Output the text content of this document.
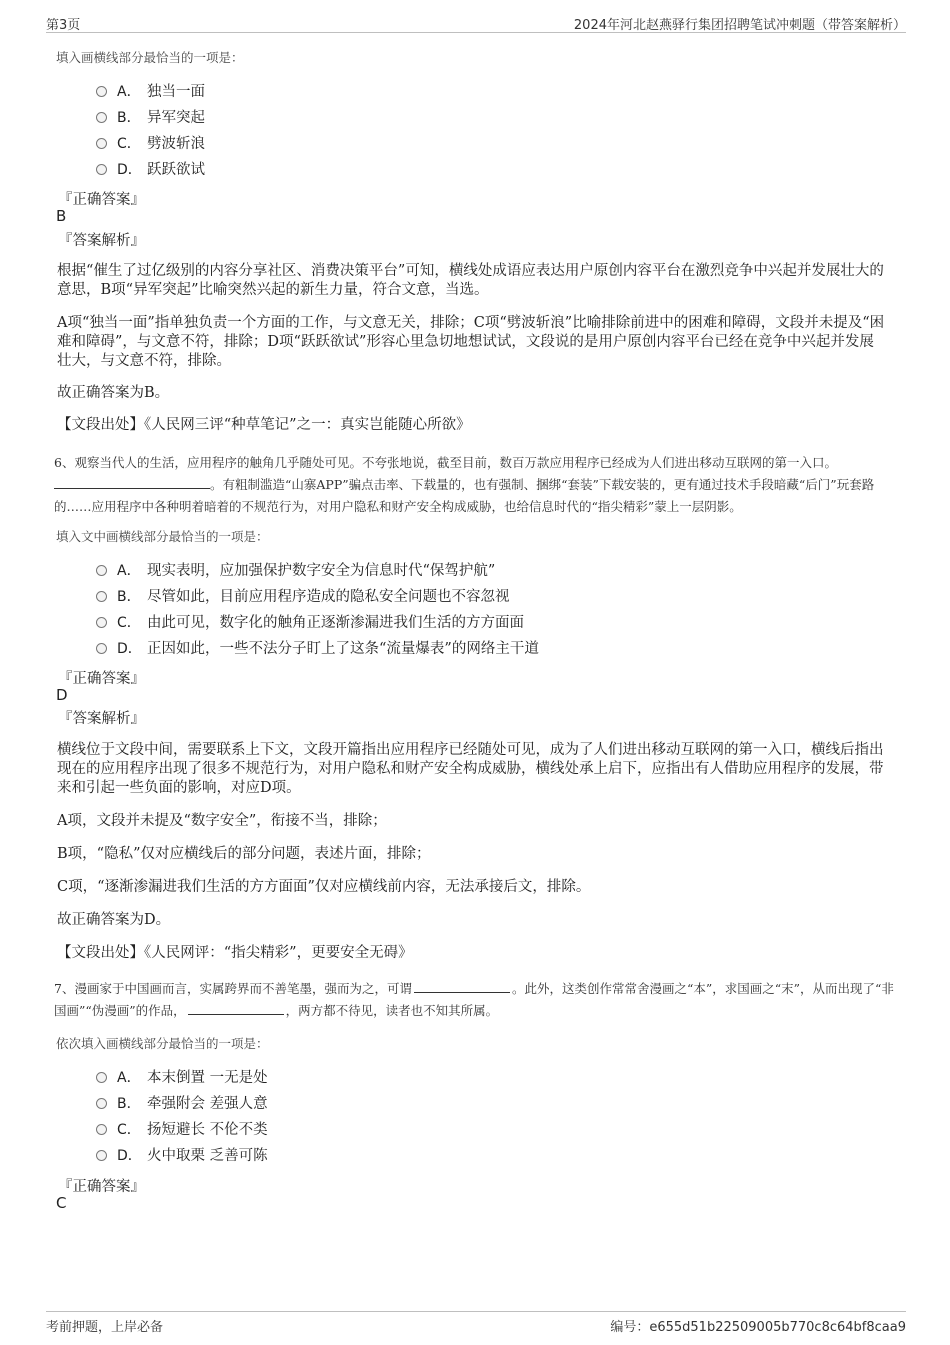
第3页	2024年河北赵燕驿行集团招聘笔试冲刺题（带答案解析）
填入画横线部分最恰当的一项是：
A． 独当一面
B． 异军突起
C． 劈波斩浪
D． 跃跃欲试
『正确答案』
B
『答案解析』
根据“催生了过亿级别的内容分享社区、消费决策平台”可知，横线处成语应表达用户原创内容平台在激烈竞争中兴起并发展壮大的意思，B项“异军突起”比喻突然兴起的新生力量，符合文意，当选。
A项“独当一面”指单独负责一个方面的工作，与文意无关，排除；C项“劈波斩浪”比喻排除前进中的困难和障碍，文段并未提及“困难和障碍”，与文意不符，排除；D项“跃跃欲试”形容心里急切地想试试，文段说的是用户原创内容平台已经在竞争中兴起并发展壮大，与文意不符，排除。
故正确答案为B。
【文段出处】《人民网三评“种草笔记”之一：真实岂能随心所欲》
6、观察当代人的生活，应用程序的触角几乎随处可见。不夸张地说，截至目前，数百万款应用程序已经成为人们进出移动互联网的第一入口。
。有粗制滥造“山寨APP”骗点击率、下载量的，也有强制、捆绑“套装”下载安装的，更有通过技术手段暗藏“后门”玩套路的……应用程序中各种明着暗着的不规范行为，对用户隐私和财产安全构成威胁，也给信息时代的“指尖精彩”蒙上一层阴影。
填入文中画横线部分最恰当的一项是：
A． 现实表明，应加强保护数字安全为信息时代“保驾护航”
B． 尽管如此，目前应用程序造成的隐私安全问题也不容忽视
C． 由此可见，数字化的触角正逐渐渗漏进我们生活的方方面面
D． 正因如此，一些不法分子盯上了这条“流量爆表”的网络主干道
『正确答案』
D
『答案解析』
横线位于文段中间，需要联系上下文，文段开篇指出应用程序已经随处可见，成为了人们进出移动互联网的第一入口，横线后指出现在的应用程序出现了很多不规范行为，对用户隐私和财产安全构成威胁，横线处承上启下，应指出有人借助应用程序的发展，带来和引起一些负面的影响，对应D项。
A项，文段并未提及“数字安全”，衔接不当，排除；
B项，“隐私”仅对应横线后的部分问题，表述片面，排除；
C项，“逐渐渗漏进我们生活的方方面面”仅对应横线前内容，无法承接后文，排除。
故正确答案为D。
【文段出处】《人民网评：“指尖精彩”，更要安全无碍》
7、漫画家于中国画而言，实属跨界而不善笔墨，强而为之，可谓	。此外，这类创作常常舍漫画之“本”，求国画之“末”，从而出现了“非国画”“伪漫画”的作品，	，两方都不待见，读者也不知其所属。
依次填入画横线部分最恰当的一项是：
A． 本末倒置 一无是处
B． 牵强附会 差强人意
C． 扬短避长 不伦不类
D． 火中取栗 乏善可陈
『正确答案』
C
考前押题，上岸必备	编号：e655d51b22509005b770c8c64bf8caa9
